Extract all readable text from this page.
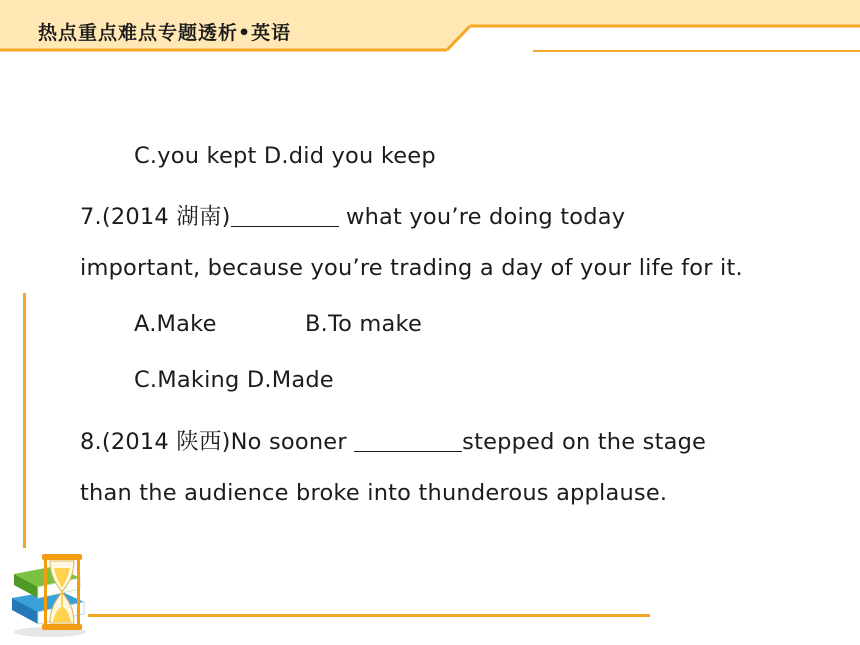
热点重点难点专题透析•英语
C.you kept D.did you keep
7.(2014 湖南)	what you’re doing today
important, because you’re trading a day of your life for it.
A.Make	B.To make
C.Making D.Made
8.(2014 陕西)No sooner	stepped on the stage
than the audience broke into thunderous applause.
